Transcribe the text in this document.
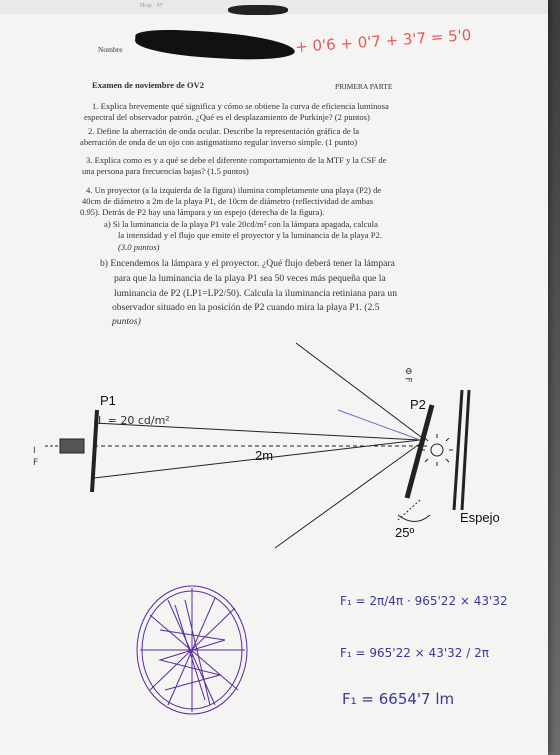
Hoja · Nº
Nombre	+ 0'6 + 0'7 + 3'7 = 5'0
Examen de noviembre de OV2	PRIMERA PARTE
1. Explica brevemente qué significa y cómo se obtiene la curva de eficiencia luminosa
espectral del observador patrón. ¿Qué es el desplazamiento de Purkinje? (2 puntos)
2. Define la aberración de onda ocular. Describe la representación gráfica de la
aberración de onda de un ojo con astigmatismo regular inverso simple. (1 punto)
3. Explica como es y a qué se debe el diferente comportamiento de la MTF y la CSF de
una persona para frecuencias bajas? (1.5 puntos)
4. Un proyector (a la izquierda de la figura) ilumina completamente una playa (P2) de
40cm de diámetro a 2m de la playa P1, de 10cm de diámetro (reflectividad de ambas
0.95). Detrás de P2 hay una lámpara y un espejo (derecha de la figura).
a) Si la luminancia de la playa P1 vale 20cd/m² con la lámpara apagada, calcula
la intensidad y el flujo que emite el proyector y la luminancia de la playa P2.
(3.0 puntos)
b) Encendemos la lámpara y el proyector. ¿Qué flujo deberá tener la lámpara
para que la luminancia de la playa P1 sea 50 veces más pequeña que la
luminancia de P2 (LP1=LP2/50). Calcula la iluminancia retiniana para un
observador situado en la posición de P2 cuando mira la playa P1. (2.5
puntos)
P1	P2
L = 20 cd/m²
2m
25º
Espejo
I F
Φ F
F₁ = 2π/4π · 965'22 × 43'32
F₁ = 965'22 × 43'32 / 2π
F₁ = 6654'7 lm
